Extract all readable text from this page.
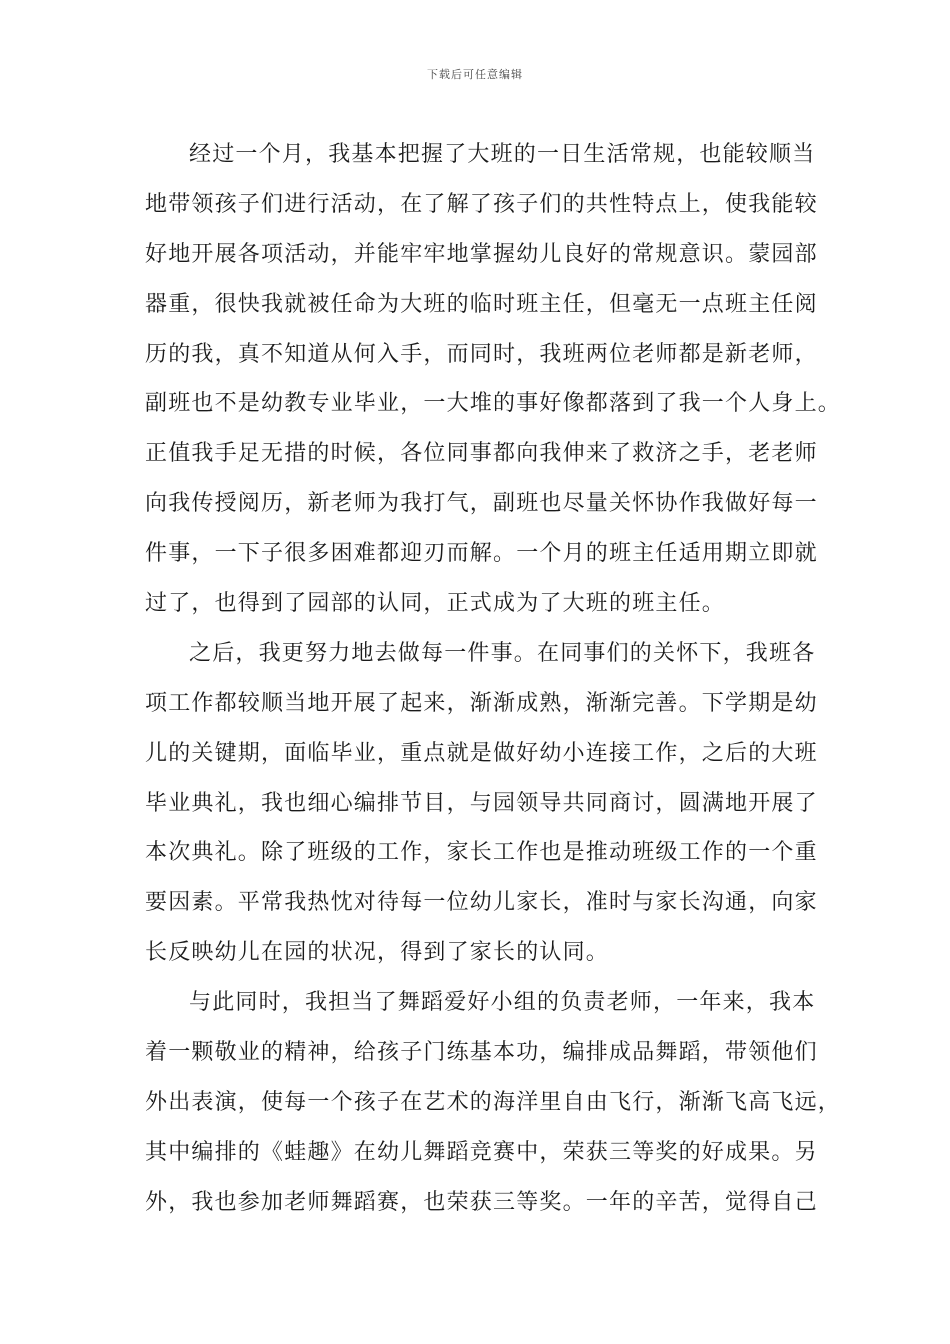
下载后可任意编辑
经过一个月，我基本把握了大班的一日生活常规，也能较顺当
地带领孩子们进行活动，在了解了孩子们的共性特点上，使我能较
好地开展各项活动，并能牢牢地掌握幼儿良好的常规意识。蒙园部
器重，很快我就被任命为大班的临时班主任，但毫无一点班主任阅
历的我，真不知道从何入手，而同时，我班两位老师都是新老师，
副班也不是幼教专业毕业，一大堆的事好像都落到了我一个人身上。
正值我手足无措的时候，各位同事都向我伸来了救济之手，老老师
向我传授阅历，新老师为我打气，副班也尽量关怀协作我做好每一
件事，一下子很多困难都迎刃而解。一个月的班主任适用期立即就
过了，也得到了园部的认同，正式成为了大班的班主任。
之后，我更努力地去做每一件事。在同事们的关怀下，我班各
项工作都较顺当地开展了起来，渐渐成熟，渐渐完善。下学期是幼
儿的关键期，面临毕业，重点就是做好幼小连接工作，之后的大班
毕业典礼，我也细心编排节目，与园领导共同商讨，圆满地开展了
本次典礼。除了班级的工作，家长工作也是推动班级工作的一个重
要因素。平常我热忱对待每一位幼儿家长，准时与家长沟通，向家
长反映幼儿在园的状况，得到了家长的认同。
与此同时，我担当了舞蹈爱好小组的负责老师，一年来，我本
着一颗敬业的精神，给孩子门练基本功，编排成品舞蹈，带领他们
外出表演，使每一个孩子在艺术的海洋里自由飞行，渐渐飞高飞远，
其中编排的《蛙趣》在幼儿舞蹈竞赛中，荣获三等奖的好成果。另
外，我也参加老师舞蹈赛，也荣获三等奖。一年的辛苦，觉得自己
